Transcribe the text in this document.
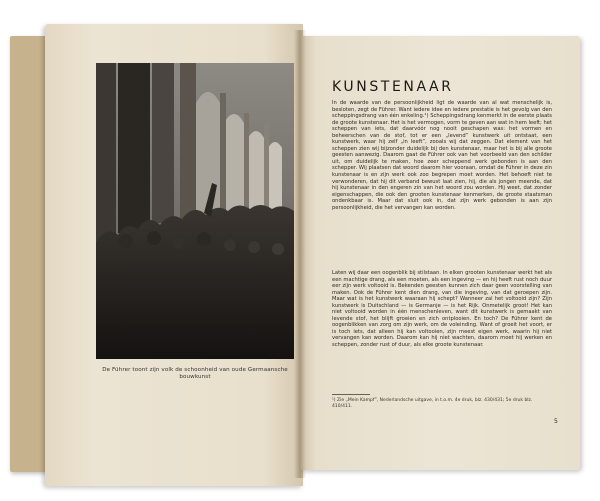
De Führer toont zijn volk de schoonheid van oude Germaansche bouwkunst
KUNSTENAAR
In de waarde van de persoonlijkheid ligt de waarde van al wat menschelijk is, besloten, zegt de Führer. Want iedere idee en iedere prestatie is het gevolg van den scheppingsdrang van één enkeling.¹) Scheppingsdrang kenmerkt in de eerste plaats de groote kunstenaar. Het is het vermogen, vorm te geven aan wat in hem leeft; het scheppen van iets, dat daarvóór nog nooit geschapen was: het vormen en beheerschen van de stof, tot er een „levend” kunstwerk uit ontstaat, een kunstwerk, waar hij zelf „in leeft”, zooals wij dat zeggen. Dat element van het scheppen zien wij bijzonder duidelijk bij den kunstenaar, maar het is bij alle groote geesten aanwezig. Daarom gaat de Führer ook van het voorbeeld van den schilder uit, om duidelijk te maken, hoe zeer scheppend werk gebonden is aan den schepper. Wij plaatsen dat woord daarom hier vooraan, omdat de Führer in deze zin kunstenaar is en zijn werk ook zoo begrepen moet worden. Het behoeft niet te verwonderen, dat hij dit verband bewust laat zien, hij, die als jongen meende, dat hij kunstenaar in den engeren zin van het woord zou worden. Hij weet, dat zonder eigenschappen, die ook den grooten kunstenaar kenmerken, de groote staatsman ondenkbaar is. Maar dat sluit ook in, dat zijn werk gebonden is aan zijn persoonlijkheid, die het vervangen kan worden.
Laten wij daar een oogenblik bij stilstaan. In elken grooten kunstenaar werkt het als een machtige drang, als een moeten, als een ingeving — en hij heeft rust noch duur eer zijn werk voltooid is. Bekenden geesten kunnen zich daar geen voorstelling van maken. Ook de Führer kent dien drang, van die ingeving, van dat geroepen zijn. Maar wat is het kunstwerk waaraan hij schept? Wanneer zal het voltooid zijn? Zijn kunstwerk is Duitschland — is Germanje — is het Rijk. Onmetelijk groot! Het kan niet voltooid worden in één menschenleven, want dit kunstwerk is gemaakt van levende stof, het blijft groeien en zich ontplooien. En toch? De Führer kent de oogenblikken van zorg om zijn werk, om de voleinding. Want of groeit het voort, er is toch iets, dat alleen hij kan voltooien, zijn meest eigen werk, waarin hij niet vervangen kan worden. Daarom kan hij niet wachten, daarom moet hij werken en scheppen, zonder rust of duur, als elke groote kunstenaar.
¹) Zie „Mein Kampf”, Nederlandsche uitgave, in t.o.m. 4e druk, blz. 430/431; 5e druk blz. 410/411.
5
